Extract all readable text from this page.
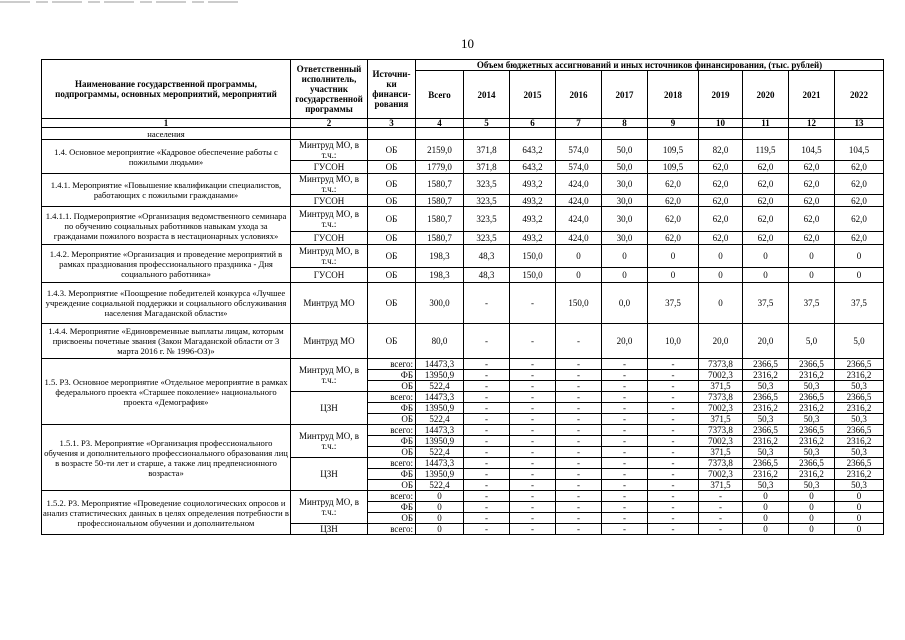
10
Наименование государственной программы, подпрограммы, основных мероприятий, мероприятий	Ответственный исполнитель, участник государственной программы	Источни-ки финанси-рования	Объем бюджетных ассигнований и иных источников финансирования, (тыс. рублей)									
			Всего	2014	2015	2016	2017	2018	2019	2020	2021	2022
1	2	3	4	5	6	7	8	9	10	11	12	13
населения												
1.4. Основное мероприятие «Кадровое обеспечение работы с пожилыми людьми»	Минтруд МО, в т.ч.:	ОБ	2159,0	371,8	643,2	574,0	50,0	109,5	82,0	119,5	104,5	104,5
	ГУСОН	ОБ	1779,0	371,8	643,2	574,0	50,0	109,5	62,0	62,0	62,0	62,0
1.4.1. Мероприятие «Повышение квалификации специалистов, работающих с пожилыми гражданами»	Минтруд МО, в т.ч.:	ОБ	1580,7	323,5	493,2	424,0	30,0	62,0	62,0	62,0	62,0	62,0
	ГУСОН	ОБ	1580,7	323,5	493,2	424,0	30,0	62,0	62,0	62,0	62,0	62,0
1.4.1.1. Подмероприятие «Организация ведомственного семинара по обучению социальных работников навыкам ухода за гражданами пожилого возраста в нестационарных условиях»	Минтруд МО, в т.ч.:	ОБ	1580,7	323,5	493,2	424,0	30,0	62,0	62,0	62,0	62,0	62,0
	ГУСОН	ОБ	1580,7	323,5	493,2	424,0	30,0	62,0	62,0	62,0	62,0	62,0
1.4.2. Мероприятие «Организация и проведение мероприятий в рамках празднования профессионального праздника - Дня социального работника»	Минтруд МО, в т.ч.:	ОБ	198,3	48,3	150,0	0	0	0	0	0	0	0
	ГУСОН	ОБ	198,3	48,3	150,0	0	0	0	0	0	0	0
1.4.3. Мероприятие «Поощрение победителей конкурса «Лучшее учреждение социальной поддержки и социального обслуживания населения Магаданской области»	Минтруд МО	ОБ	300,0	-	-	150,0	0,0	37,5	0	37,5	37,5	37,5
1.4.4. Мероприятие «Единовременные выплаты лицам, которым присвоены почетные звания (Закон Магаданской области от 3 марта 2016 г. № 1996-ОЗ)»	Минтруд МО	ОБ	80,0	-	-	-	20,0	10,0	20,0	20,0	5,0	5,0
1.5. Р3. Основное мероприятие «Отдельное мероприятие в рамках федерального проекта «Старшее поколение» национального проекта «Демография»	Минтруд МО, в т.ч.:	всего:	14473,3	-	-	-	-	-	7373,8	2366,5	2366,5	2366,5
		ФБ	13950,9	-	-	-	-	-	7002,3	2316,2	2316,2	2316,2
		ОБ	522,4	-	-	-	-	-	371,5	50,3	50,3	50,3
	ЦЗН	всего:	14473,3	-	-	-	-	-	7373,8	2366,5	2366,5	2366,5
		ФБ	13950,9	-	-	-	-	-	7002,3	2316,2	2316,2	2316,2
		ОБ	522,4	-	-	-	-	-	371,5	50,3	50,3	50,3
1.5.1. Р3. Мероприятие «Организация профессионального обучения и дополнительного профессионального образования лиц в возрасте 50-ти лет и старше, а также лиц предпенсионного возраста»	Минтруд МО, в т.ч.:	всего:	14473,3	-	-	-	-	-	7373,8	2366,5	2366,5	2366,5
		ФБ	13950,9	-	-	-	-	-	7002,3	2316,2	2316,2	2316,2
		ОБ	522,4	-	-	-	-	-	371,5	50,3	50,3	50,3
	ЦЗН	всего:	14473,3	-	-	-	-	-	7373,8	2366,5	2366,5	2366,5
		ФБ	13950,9	-	-	-	-	-	7002,3	2316,2	2316,2	2316,2
		ОБ	522,4	-	-	-	-	-	371,5	50,3	50,3	50,3
1.5.2. Р3. Мероприятие «Проведение социологических опросов и анализ статистических данных в целях определения потребности в профессиональном обучении и дополнительном	Минтруд МО, в т.ч.:	всего:	0	-	-	-	-	-	-	0	0	0
		ФБ	0	-	-	-	-	-	-	0	0	0
		ОБ	0	-	-	-	-	-	-	0	0	0
	ЦЗН	всего:	0	-	-	-	-	-	-	0	0	0
